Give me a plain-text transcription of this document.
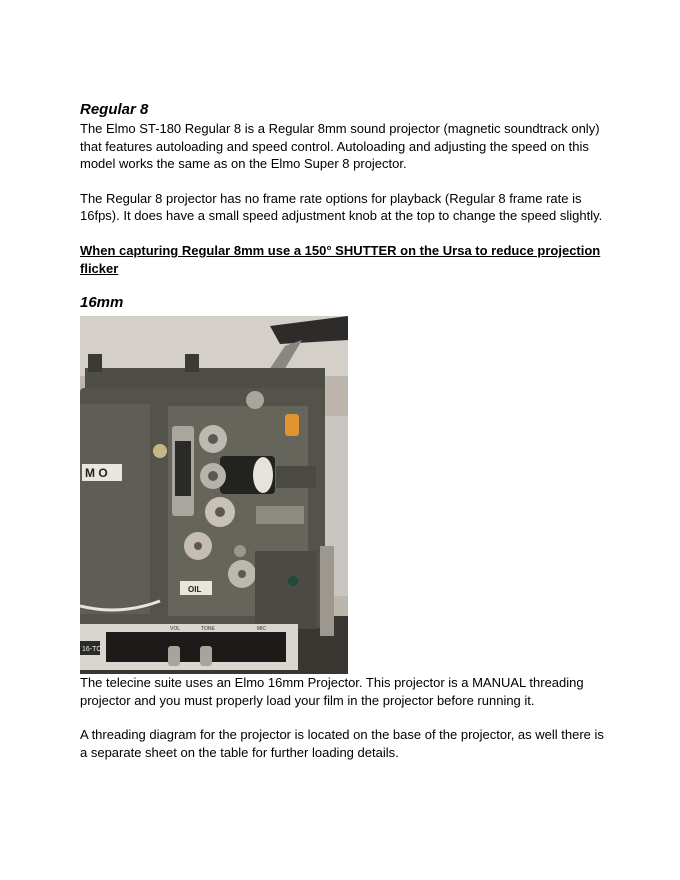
Regular 8

The Elmo ST-180 Regular 8 is a Regular 8mm sound projector (magnetic soundtrack only) that features autoloading and speed control. Autoloading and adjusting the speed on this model works the same as on the Elmo Super 8 projector.

The Regular 8 projector has no frame rate options for playback (Regular 8 frame rate is 16fps). It does have a small speed adjustment knob at the top to change the speed slightly.

When capturing Regular 8mm use a 150° SHUTTER on the Ursa to reduce projection flicker

16mm
M O
OIL
16-TC
VOL	TONE	MIC

The telecine suite uses an Elmo 16mm Projector. This projector is a MANUAL threading projector and you must properly load your film in the projector before running it.

A threading diagram for the projector is located on the base of the projector, as well there is a separate sheet on the table for further loading details.
